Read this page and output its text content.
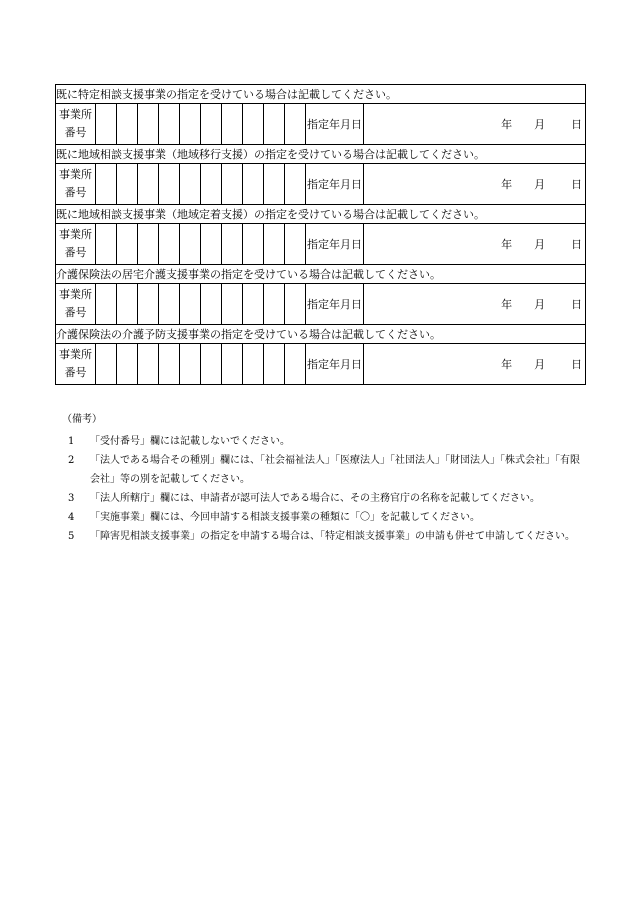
既に特定相談支援事業の指定を受けている場合は記載してください。												

事業所
番号											指定年月日	年 月 日

既に地域相談支援事業（地域移行支援）の指定を受けている場合は記載してください。												

事業所
番号											指定年月日	年 月 日

既に地域相談支援事業（地域定着支援）の指定を受けている場合は記載してください。												

事業所
番号											指定年月日	年 月 日

介護保険法の居宅介護支援事業の指定を受けている場合は記載してください。												

事業所
番号											指定年月日	年 月 日

介護保険法の介護予防支援事業の指定を受けている場合は記載してください。												

事業所
番号											指定年月日	年 月 日
（備考）
1 「受付番号」欄には記載しないでください。
2 「法人である場合その種別」欄には、「社会福祉法人」「医療法人」「社団法人」「財団法人」「株式会社」「有限会社」等の別を記載してください。
3 「法人所轄庁」欄には、申請者が認可法人である場合に、その主務官庁の名称を記載してください。
4 「実施事業」欄には、今回申請する相談支援事業の種類に「〇」を記載してください。
5 「障害児相談支援事業」の指定を申請する場合は、「特定相談支援事業」の申請も併せて申請してください。
